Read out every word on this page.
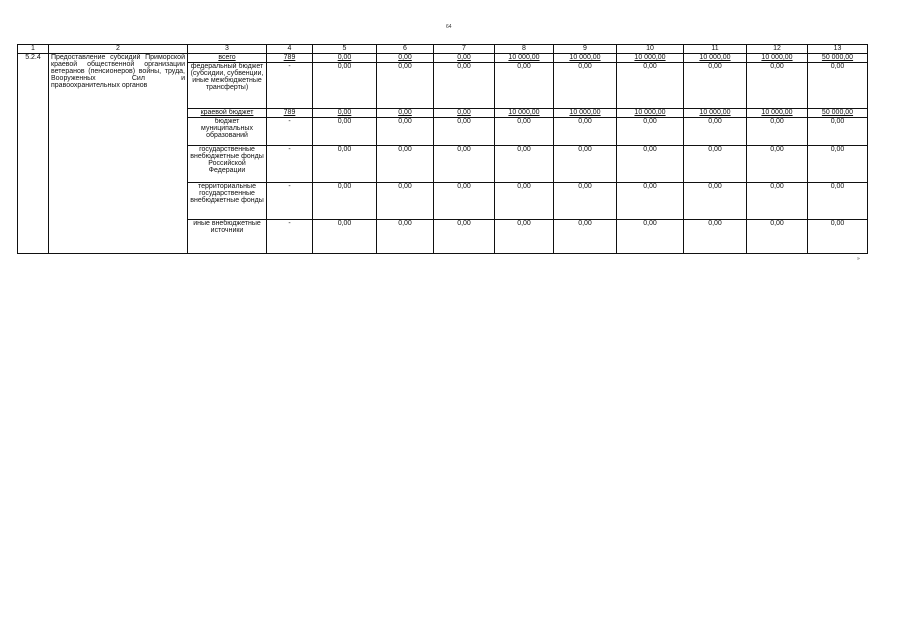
64
1	2	3	4	5	6	7	8	9	10	11	12	13
5.2.4	Предоставление субсидий Приморской краевой общественной организации ветеранов (пенсионеров) войны, труда, Вооруженных Сил и правоохранительных органов	всего	789	0,00	0,00	0,00	10 000,00	10 000,00	10 000,00	10 000,00	10 000,00	50 000,00
		федеральный бюджет (субсидии, субвенции, иные межбюджетные трансферты)	-	0,00	0,00	0,00	0,00	0,00	0,00	0,00	0,00	0,00
		краевой бюджет	789	0,00	0,00	0,00	10 000,00	10 000,00	10 000,00	10 000,00	10 000,00	50 000,00
		бюджет муниципальных образований	-	0,00	0,00	0,00	0,00	0,00	0,00	0,00	0,00	0,00
		государственные внебюджетные фонды Российской Федерации	-	0,00	0,00	0,00	0,00	0,00	0,00	0,00	0,00	0,00
		территориальные государственные внебюджетные фонды	-	0,00	0,00	0,00	0,00	0,00	0,00	0,00	0,00	0,00
		иные внебюджетные источники	-	0,00	0,00	0,00	0,00	0,00	0,00	0,00	0,00	0,00
»
